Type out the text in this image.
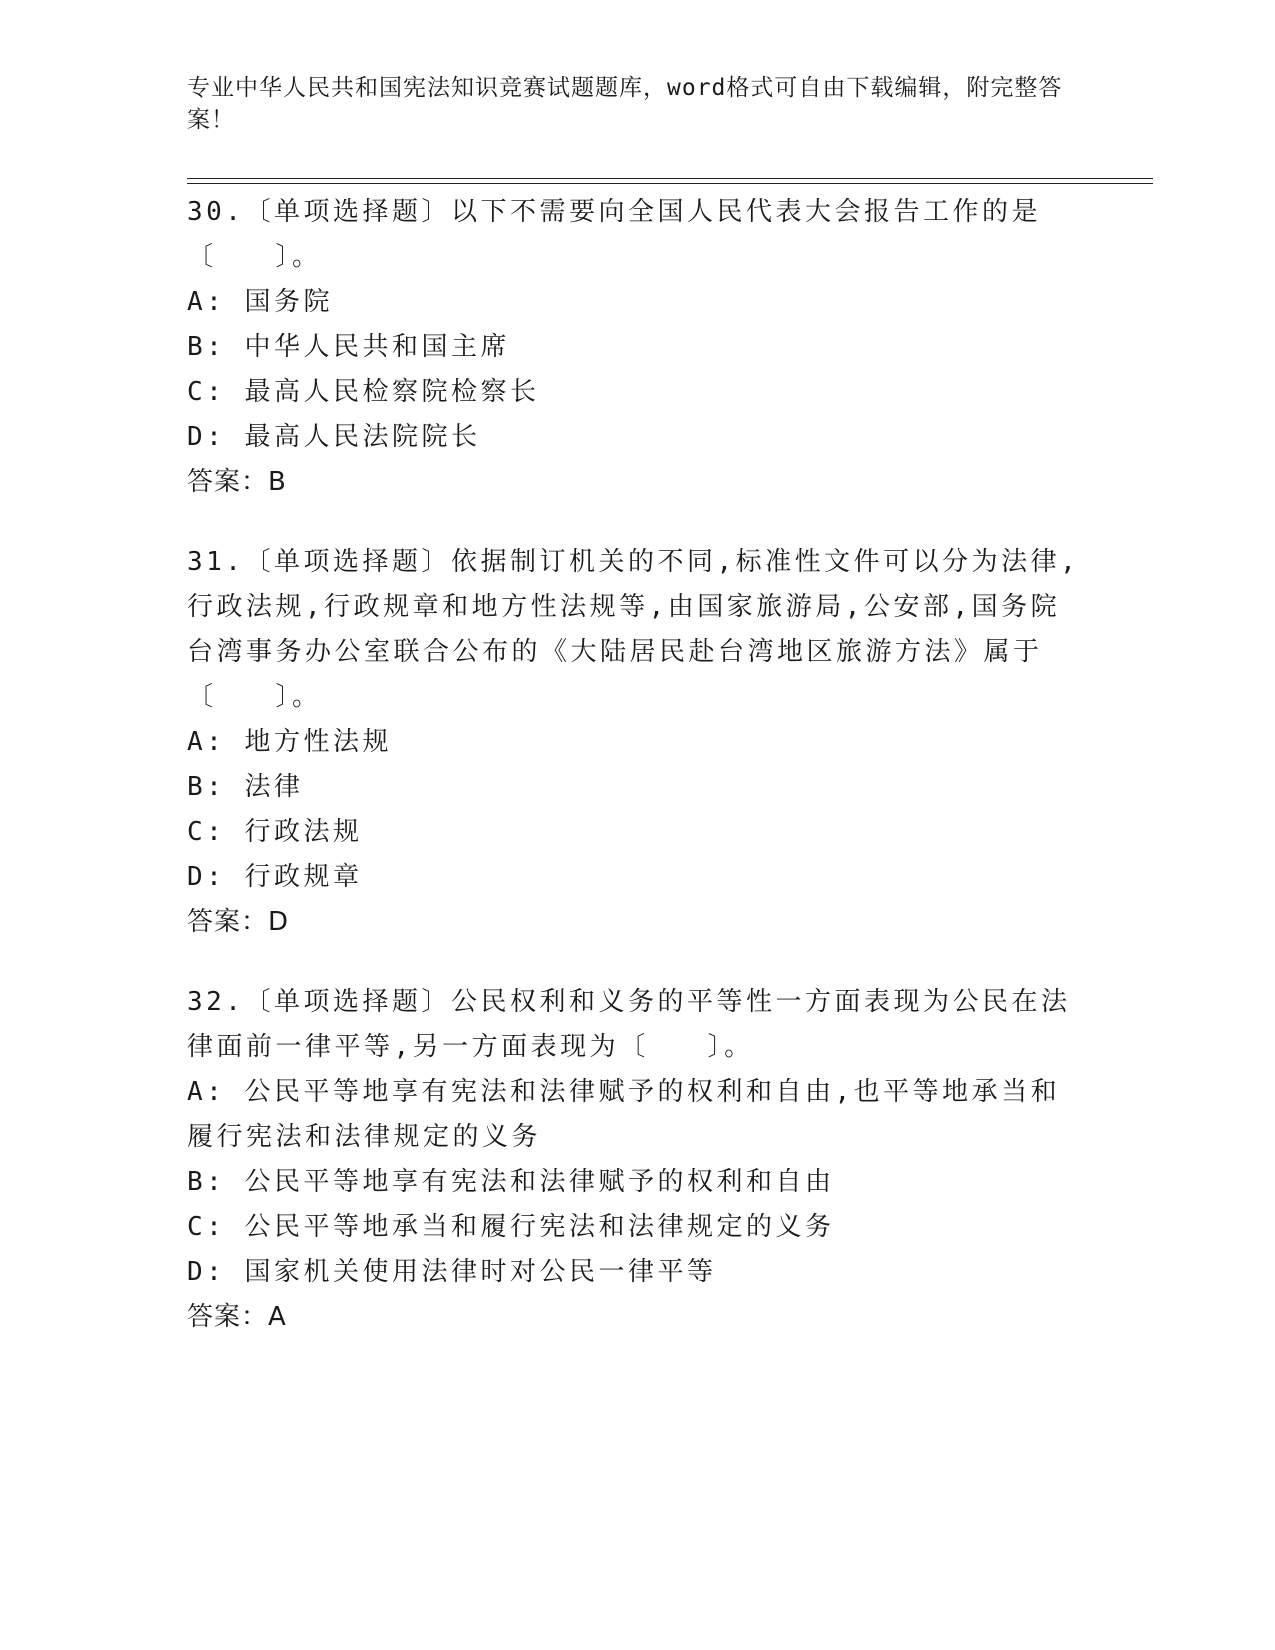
专业中华人民共和国宪法知识竞赛试题题库，word格式可自由下载编辑，附完整答案！
30.〔单项选择题〕以下不需要向全国人民代表大会报告工作的是〔　　〕。
A: 国务院
B: 中华人民共和国主席
C: 最高人民检察院检察长
D: 最高人民法院院长
答案：B
31.〔单项选择题〕依据制订机关的不同,标准性文件可以分为法律,行政法规,行政规章和地方性法规等,由国家旅游局,公安部,国务院台湾事务办公室联合公布的《大陆居民赴台湾地区旅游方法》属于〔　　〕。
A: 地方性法规
B: 法律
C: 行政法规
D: 行政规章
答案：D
32.〔单项选择题〕公民权利和义务的平等性一方面表现为公民在法律面前一律平等,另一方面表现为〔　　〕。
A: 公民平等地享有宪法和法律赋予的权利和自由,也平等地承当和履行宪法和法律规定的义务
B: 公民平等地享有宪法和法律赋予的权利和自由
C: 公民平等地承当和履行宪法和法律规定的义务
D: 国家机关使用法律时对公民一律平等
答案：A
